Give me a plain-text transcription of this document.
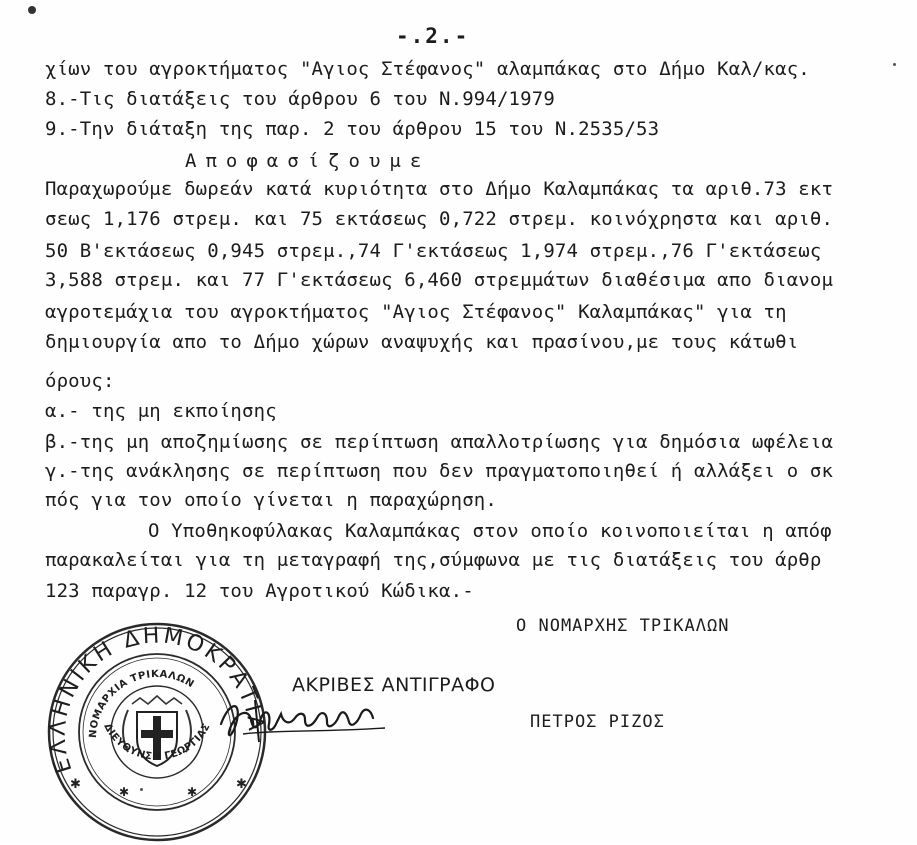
-.2.-
χίων του αγροκτήματος "Αγιος Στέφανος" αλαμπάκας στο Δήμο Καλ/κας.
8.-Τις διατάξεις του άρθρου 6 του Ν.994/1979
9.-Την διάταξη της παρ. 2 του άρθρου 15 του Ν.2535/53
Αποφασίζουμε
Παραχωρούμε δωρεάν κατά κυριότητα στο Δήμο Καλαμπάκας τα αριθ.73 εκτ
σεως 1,176 στρεμ. και 75 εκτάσεως 0,722 στρεμ. κοινόχρηστα και αριθ.
50 Β'εκτάσεως 0,945 στρεμ.,74 Γ'εκτάσεως 1,974 στρεμ.,76 Γ'εκτάσεως
3,588 στρεμ. και 77 Γ'εκτάσεως 6,460 στρεμμάτων διαθέσιμα απο διανομ
αγροτεμάχια του αγροκτήματος "Αγιος Στέφανος" Καλαμπάκας" για τη
δημιουργία απο το Δήμο χώρων αναψυχής και πρασίνου,με τους κάτωθι
όρους:
α.- της μη εκποίησης
β.-της μη αποζημίωσης σε περίπτωση απαλλοτρίωσης για δημόσια ωφέλεια
γ.-της ανάκλησης σε περίπτωση που δεν πραγματοποιηθεί ή αλλάξει ο σκ
πός για τον οποίο γίνεται η παραχώρηση.
Ο Υποθηκοφύλακας Καλαμπάκας στον οποίο κοινοποιείται η απόφ
παρακαλείται για τη μεταγραφή της,σύμφωνα με τις διατάξεις του άρθρ
123 παραγρ. 12 του Αγροτικού Κώδικα.-
Ο ΝΟΜΑΡΧΗΣ ΤΡΙΚΑΛΩΝ
ΠΕΤΡΟΣ ΡΙΖΟΣ
✱	✱
✱	✱
ΕΛΛΗΝΙΚΗ ΔΗΜΟΚΡΑΤΙΑ
ΝΟΜΑΡΧΙΑ ΤΡΙΚΑΛΩΝ
ΔΙΕΥΘΥΝΣΗ ΓΕΩΡΓΙΑΣ
ΑΚΡΙΒΕΣ ΑΝΤΙΓΡΑΦΟ
